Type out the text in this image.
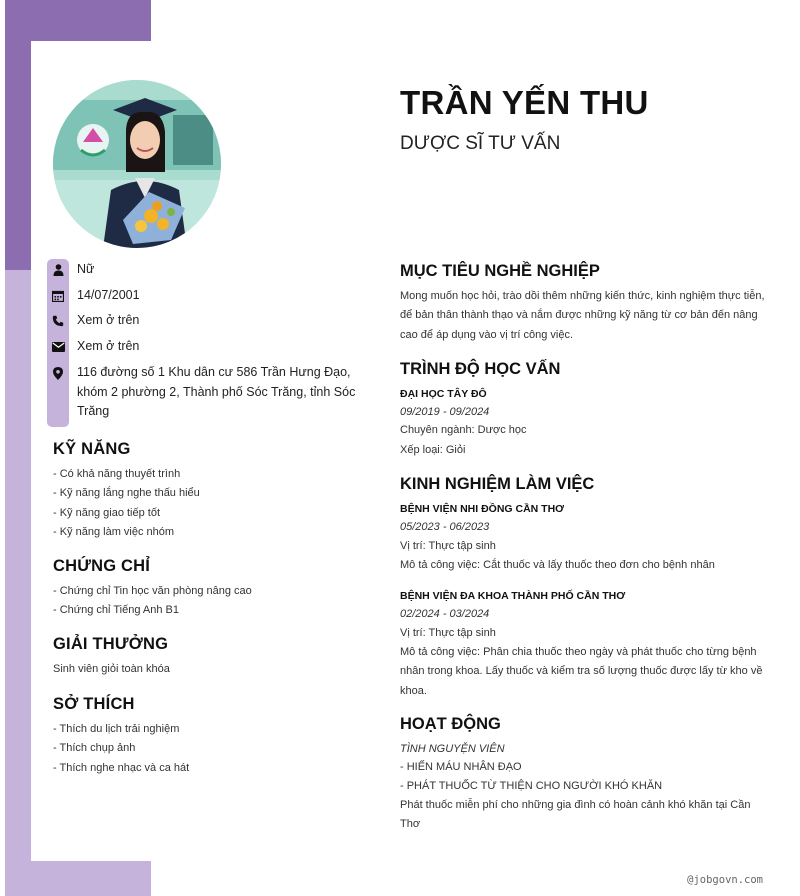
Nữ
14/07/2001
Xem ở trên
Xem ở trên
116 đường số 1 Khu dân cư 586 Trần Hưng Đạo, khóm 2 phường 2, Thành phố Sóc Trăng, tỉnh Sóc Trăng
KỸ NĂNG
- Có khả năng thuyết trình
- Kỹ năng lắng nghe thấu hiểu
- Kỹ năng giao tiếp tốt
- Kỹ năng làm việc nhóm
CHỨNG CHỈ
- Chứng chỉ Tin học văn phòng nâng cao
- Chứng chỉ Tiếng Anh B1
GIẢI THƯỞNG
Sinh viên giỏi toàn khóa
SỞ THÍCH
- Thích du lịch trải nghiệm
- Thích chụp ảnh
- Thích nghe nhạc và ca hát
TRẦN YẾN THU
DƯỢC SĨ TƯ VẤN
MỤC TIÊU NGHỀ NGHIỆP
Mong muốn học hỏi, trào dồi thêm những kiến thức, kinh nghiệm thực tiễn, để bản thân thành thạo và nắm được những kỹ năng từ cơ bản đến nâng cao để áp dụng vào vị trí công việc.
TRÌNH ĐỘ HỌC VẤN
ĐẠI HỌC TÂY ĐÔ
09/2019 - 09/2024
Chuyên ngành: Dược học
Xếp loại: Giỏi
KINH NGHIỆM LÀM VIỆC
BỆNH VIỆN NHI ĐỒNG CẦN THƠ
05/2023 - 06/2023
Vị trí: Thực tập sinh
Mô tả công việc: Cắt thuốc và lấy thuốc theo đơn cho bệnh nhân
BỆNH VIỆN ĐA KHOA THÀNH PHỐ CẦN THƠ
02/2024 - 03/2024
Vị trí: Thực tập sinh
Mô tả công việc: Phân chia thuốc theo ngày và phát thuốc cho từng bệnh nhân trong khoa. Lấy thuốc và kiểm tra số lượng thuốc được lấy từ kho về khoa.
HOẠT ĐỘNG
TÌNH NGUYỆN VIÊN
- HIẾN MÁU NHÂN ĐẠO
- PHÁT THUỐC TỪ THIỆN CHO NGƯỜI KHÓ KHĂN
Phát thuốc miễn phí cho những gia đình có hoàn cảnh khó khăn tại Cần Thơ
@jobgovn.com
